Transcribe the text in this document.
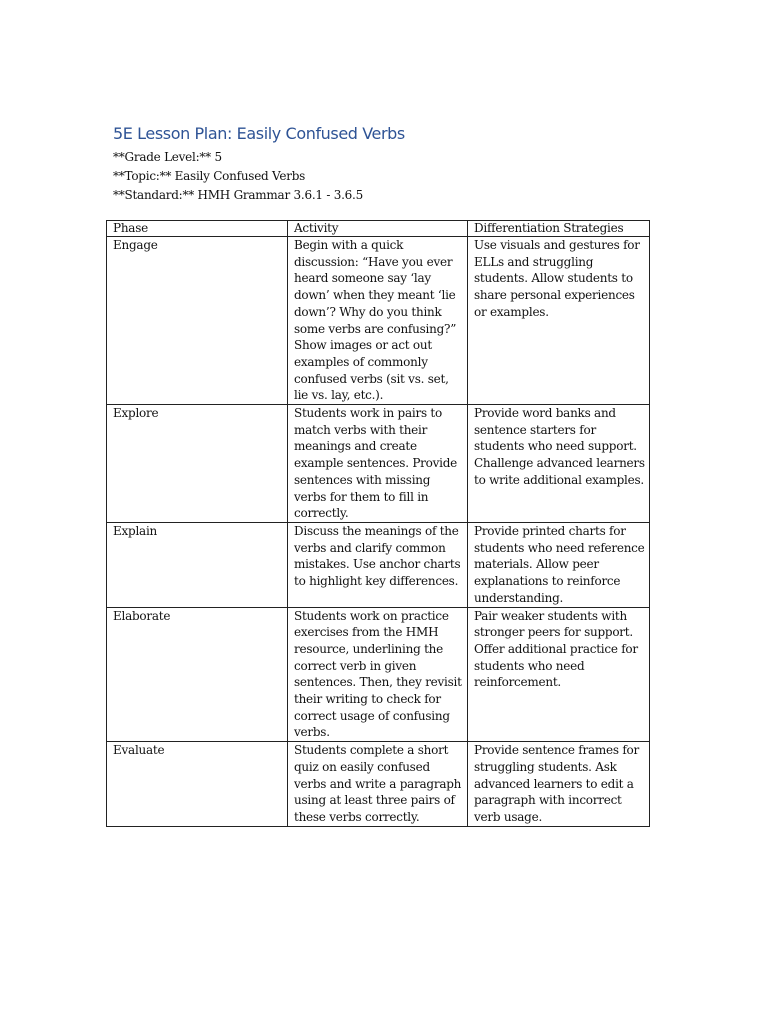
5E Lesson Plan: Easily Confused Verbs
**Grade Level:** 5
**Topic:** Easily Confused Verbs
**Standard:** HMH Grammar 3.6.1 - 3.6.5
Phase	Activity	Differentiation Strategies
Engage	Begin with a quick discussion: “Have you ever heard someone say ‘lay down’ when they meant ‘lie down’? Why do you think some verbs are confusing?” Show images or act out examples of commonly confused verbs (sit vs. set, lie vs. lay, etc.).	Use visuals and gestures for ELLs and struggling students. Allow students to share personal experiences or examples.
Explore	Students work in pairs to match verbs with their meanings and create example sentences. Provide sentences with missing verbs for them to fill in correctly.	Provide word banks and sentence starters for students who need support. Challenge advanced learners to write additional examples.
Explain	Discuss the meanings of the verbs and clarify common mistakes. Use anchor charts to highlight key differences.	Provide printed charts for students who need reference materials. Allow peer explanations to reinforce understanding.
Elaborate	Students work on practice exercises from the HMH resource, underlining the correct verb in given sentences. Then, they revisit their writing to check for correct usage of confusing verbs.	Pair weaker students with stronger peers for support. Offer additional practice for students who need reinforcement.
Evaluate	Students complete a short quiz on easily confused verbs and write a paragraph using at least three pairs of these verbs correctly.	Provide sentence frames for struggling students. Ask advanced learners to edit a paragraph with incorrect verb usage.
